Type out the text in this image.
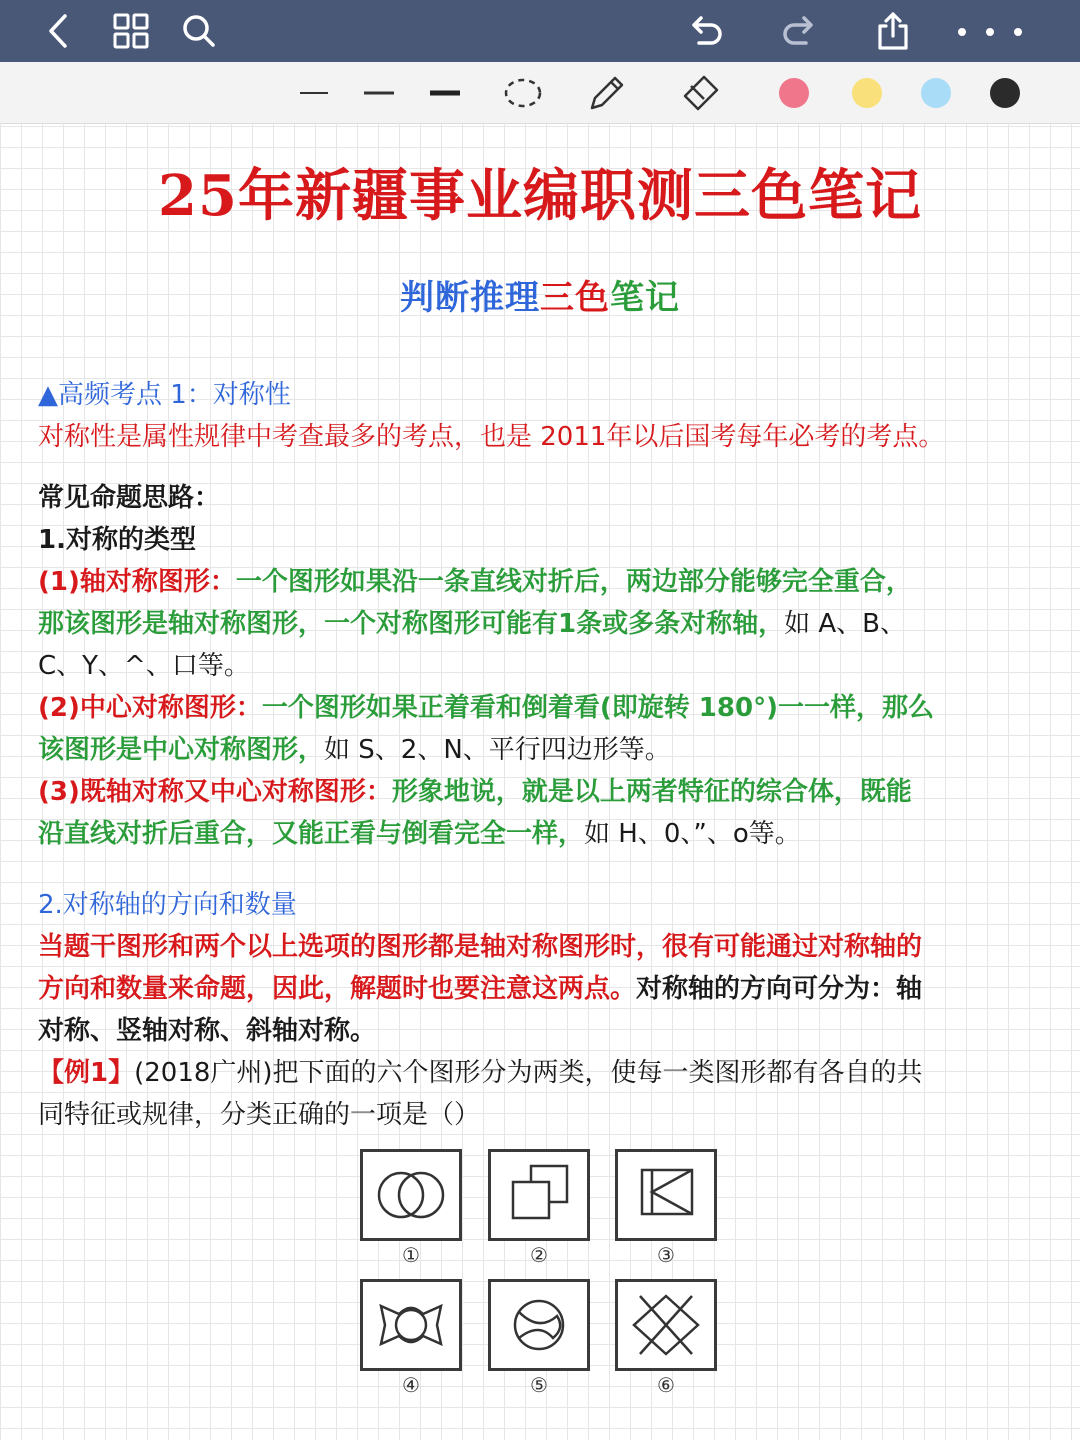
25年新疆事业编职测三色笔记
判断推理三色笔记
▲高频考点 1：对称性
对称性是属性规律中考查最多的考点，也是 2011年以后国考每年必考的考点。
常见命题思路：
1.对称的类型
(1)轴对称图形：一个图形如果沿一条直线对折后，两边部分能够完全重合，
那该图形是轴对称图形，一个对称图形可能有1条或多条对称轴，如 A、B、
C、Y、^、口等。
(2)中心对称图形：一个图形如果正着看和倒着看(即旋转 180°)一一样，那么
该图形是中心对称图形，如 S、2、N、平行四边形等。
(3)既轴对称又中心对称图形：形象地说，就是以上两者特征的综合体，既能
沿直线对折后重合，又能正看与倒看完全一样，如 H、0、”、o等。
2.对称轴的方向和数量
当题干图形和两个以上选项的图形都是轴对称图形时，很有可能通过对称轴的
方向和数量来命题，因此，解题时也要注意这两点。对称轴的方向可分为：轴
对称、竖轴对称、斜轴对称。
【例1】(2018广州)把下面的六个图形分为两类，使每一类图形都有各自的共
同特征或规律，分类正确的一项是（）
①	②	③
④	⑤	⑥
